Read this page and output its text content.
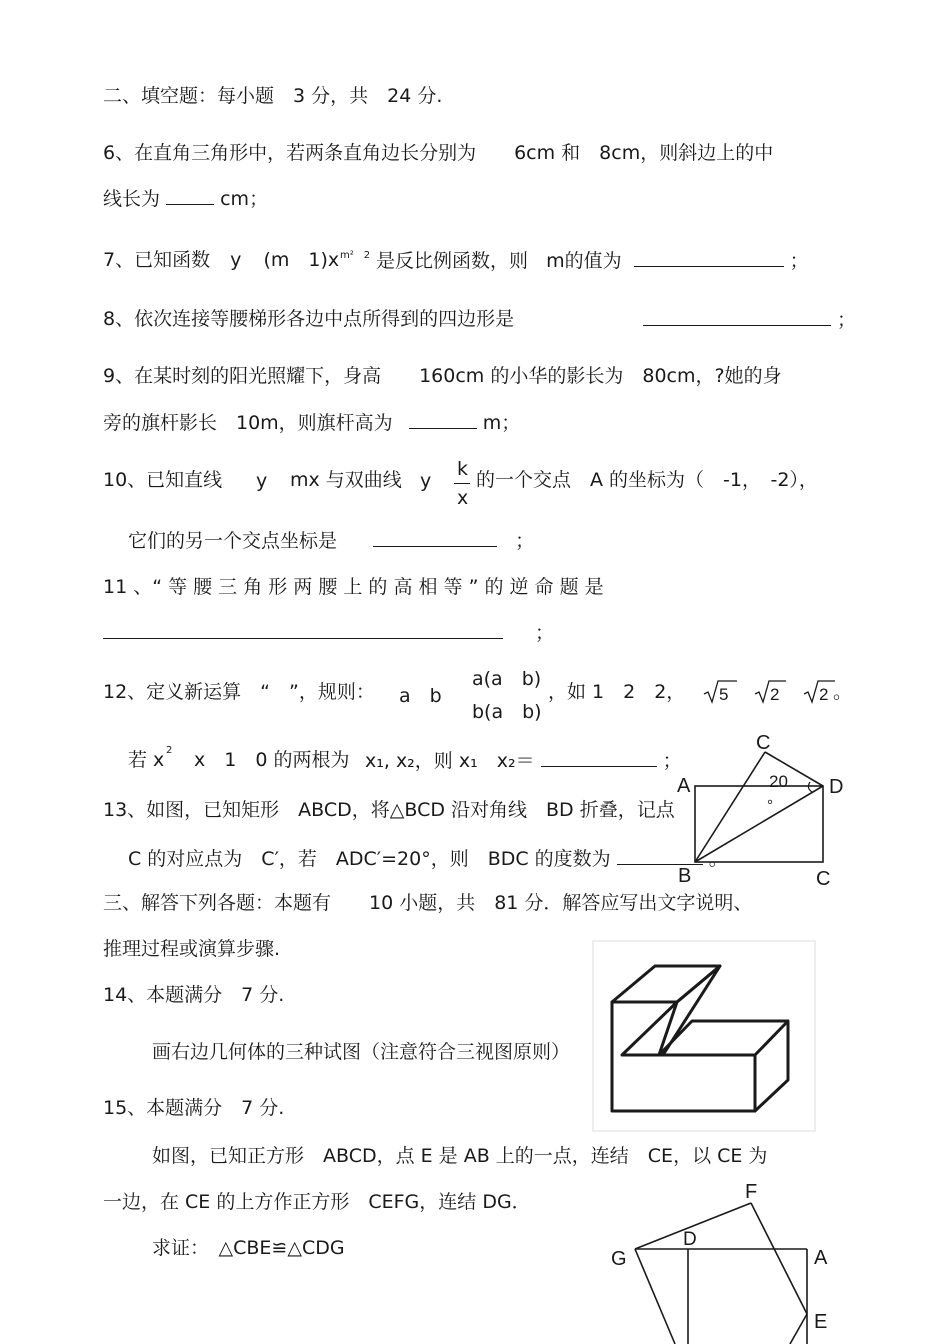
二、填空题：每小题　3 分，共　24 分.
6、在直角三角形中，若两条直角边长分别为　　6cm 和　8cm，则斜边上的中
线长为	cm；
7、已知函数 y (m　1)x m²　2 是反比例函数，则 m的值为	；
8、依次连接等腰梯形各边中点所得到的四边形是	；
9、在某时刻的阳光照耀下，身高　　160cm 的小华的影长为　80cm，?她的身
旁的旗杆影长　10m，则旗杆高为	m；
10、已知直线 y mx 与双曲线 y
k
x
的一个交点　A 的坐标为（　-1，　-2），
它们的另一个交点坐标是	；
11 、“ 等 腰 三 角 形 两 腰 上 的 高 相 等 ” 的 逆 命 题 是
；
12、定义新运算　“　”，规则： a　b
a(a　b)
b(a　b)
，如 1　2　2， 5 2 2 。
若 x 2 x　1　0 的两根为 x₁, x₂，则 x₁　x₂＝	；
13、如图，已知矩形　ABCD，将△BCD 沿对角线　BD 折叠，记点
C 的对应点为　C′，若　ADC′=20°，则　BDC 的度数为	。
C
A	D
B	C
20
°
三、解答下列各题：本题有　　10 小题，共　81 分．解答应写出文字说明、
推理过程或演算步骤.
14、本题满分　7 分.
画右边几何体的三种试图（注意符合三视图原则）
15、本题满分　7 分.
如图，已知正方形　ABCD，点 E 是 AB 上的一点，连结　CE，以 CE 为
一边，在 CE 的上方作正方形　CEFG，连结 DG．
求证：　△CBE≌△CDG
F
D
G	A
E
